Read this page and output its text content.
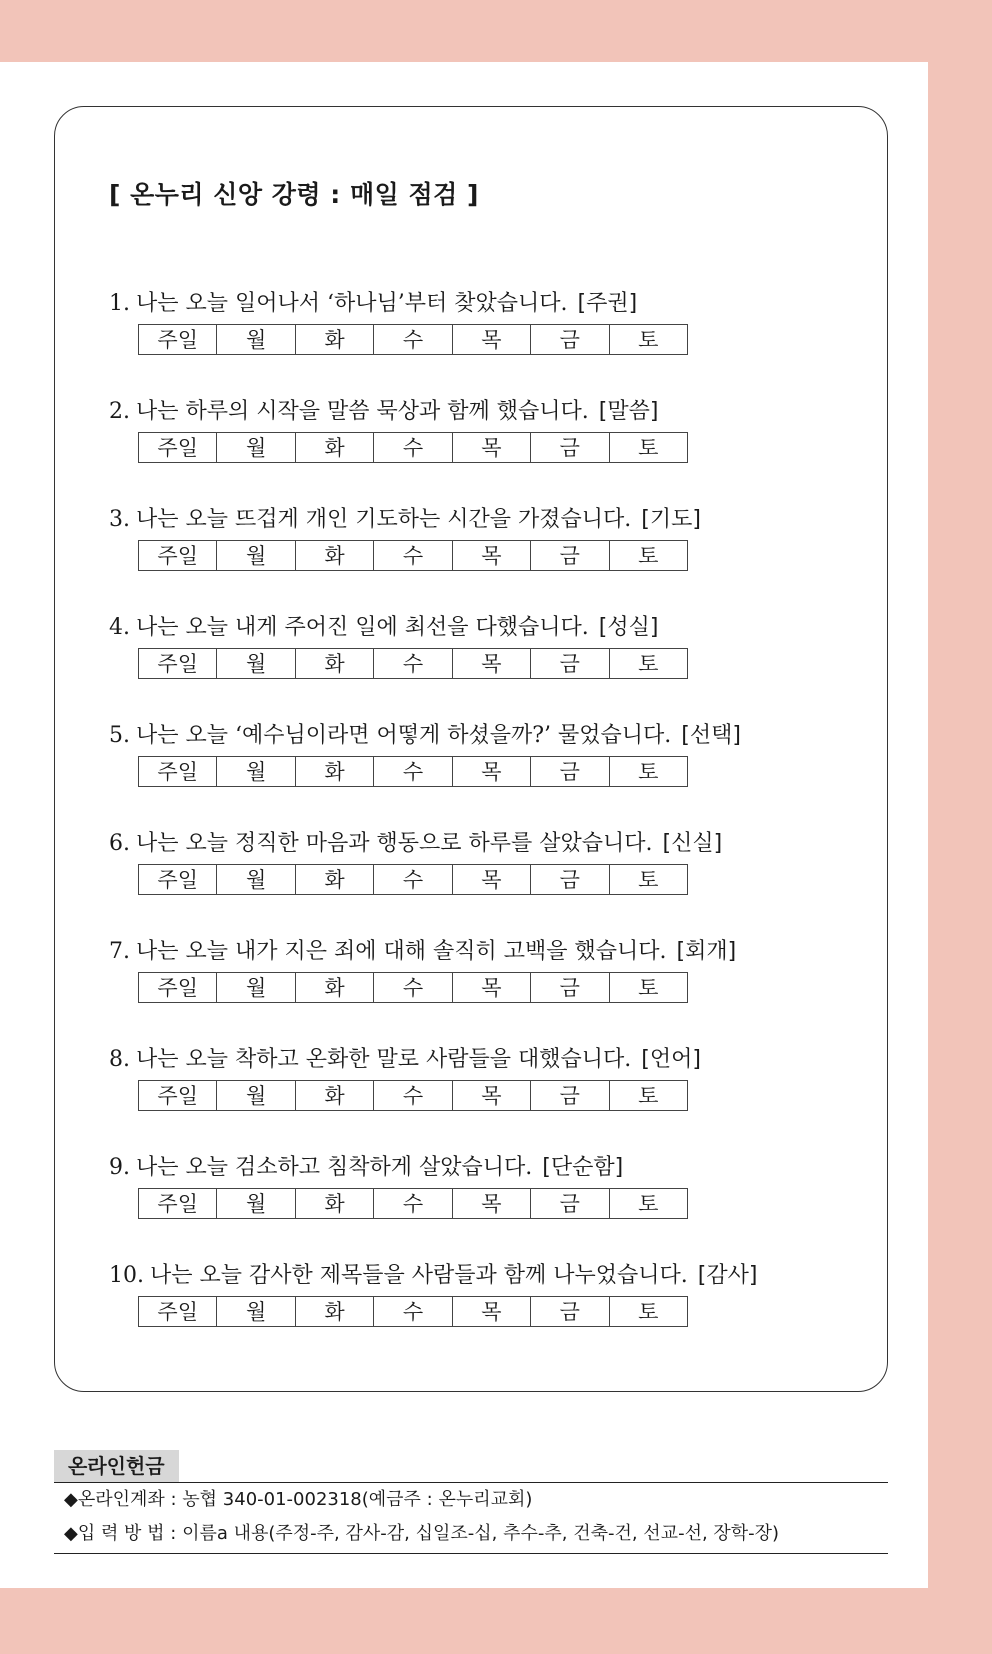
[ 온누리 신앙 강령 : 매일 점검 ]
1. 나는 오늘 일어나서 ‘하나님’부터 찾았습니다. [주권]
주일	월	화	수	목	금	토
2. 나는 하루의 시작을 말씀 묵상과 함께 했습니다. [말씀]
주일	월	화	수	목	금	토
3. 나는 오늘 뜨겁게 개인 기도하는 시간을 가졌습니다. [기도]
주일	월	화	수	목	금	토
4. 나는 오늘 내게 주어진 일에 최선을 다했습니다. [성실]
주일	월	화	수	목	금	토
5. 나는 오늘 ‘예수님이라면 어떻게 하셨을까?’ 물었습니다. [선택]
주일	월	화	수	목	금	토
6. 나는 오늘 정직한 마음과 행동으로 하루를 살았습니다. [신실]
주일	월	화	수	목	금	토
7. 나는 오늘 내가 지은 죄에 대해 솔직히 고백을 했습니다. [회개]
주일	월	화	수	목	금	토
8. 나는 오늘 착하고 온화한 말로 사람들을 대했습니다. [언어]
주일	월	화	수	목	금	토
9. 나는 오늘 검소하고 침착하게 살았습니다. [단순함]
주일	월	화	수	목	금	토
10. 나는 오늘 감사한 제목들을 사람들과 함께 나누었습니다. [감사]
주일	월	화	수	목	금	토
온라인헌금
◆온라인계좌 : 농협 340-01-002318(예금주 : 온누리교회)
◆입 력 방 법 : 이름a 내용(주정-주, 감사-감, 십일조-십, 추수-추, 건축-건, 선교-선, 장학-장)
